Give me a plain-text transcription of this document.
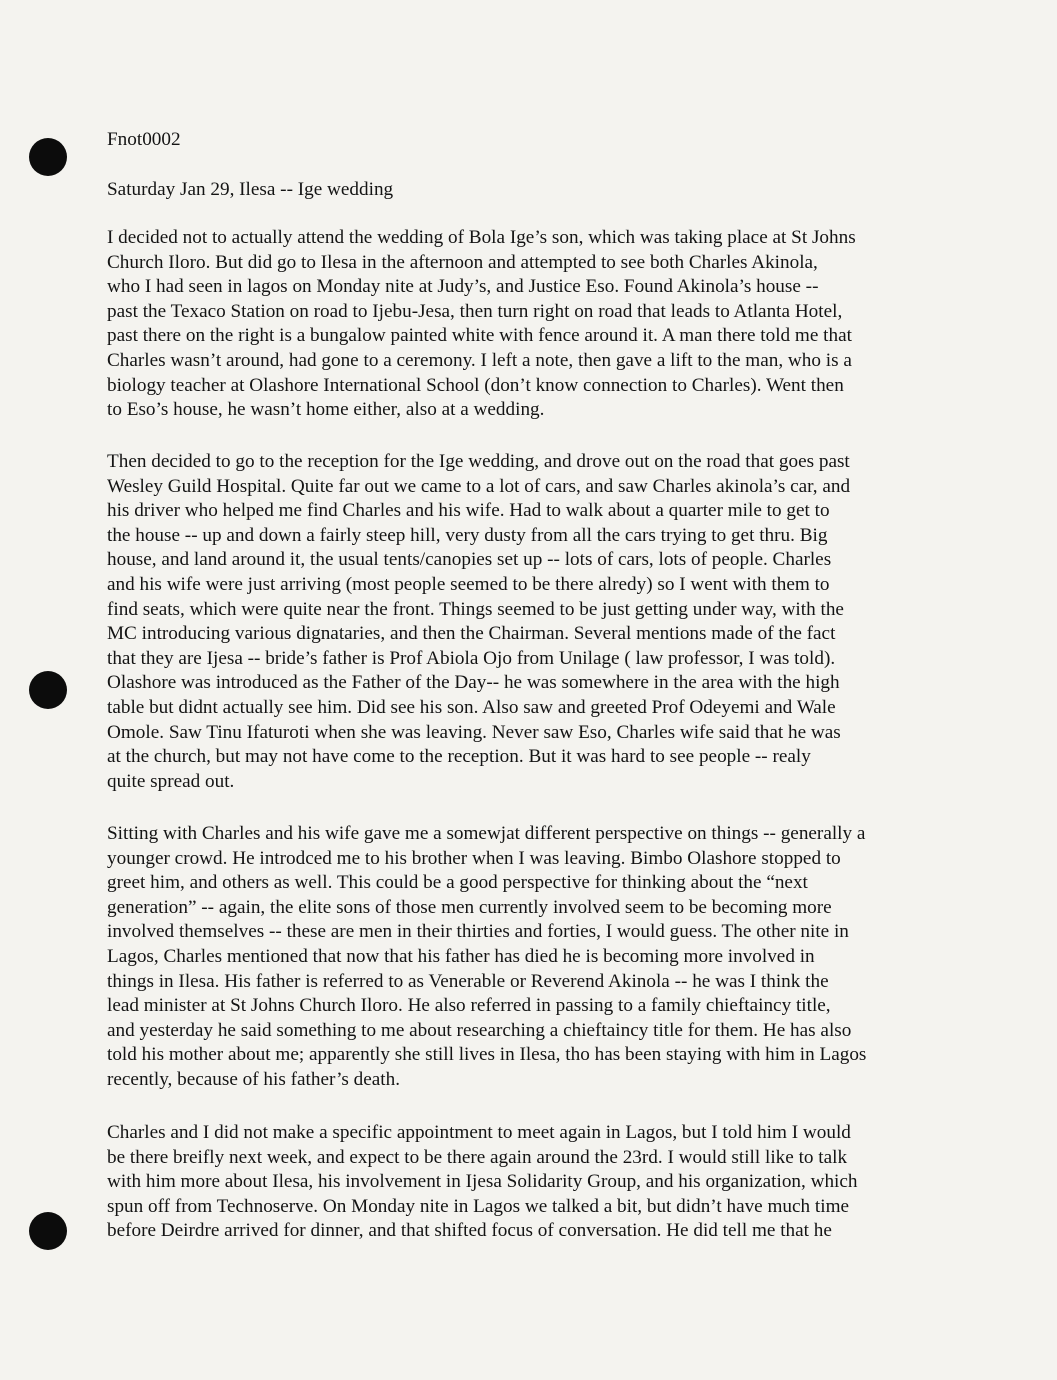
Fnot0002

Saturday Jan 29, Ilesa -- Ige wedding

I decided not to actually attend the wedding of Bola Ige’s son, which was taking place at St Johns
Church Iloro. But did go to Ilesa in the afternoon and attempted to see both Charles Akinola,
who I had seen in lagos on Monday nite at Judy’s, and Justice Eso. Found Akinola’s house --
past the Texaco Station on road to Ijebu-Jesa, then turn right on road that leads to Atlanta Hotel,
past there on the right is a bungalow painted white with fence around it. A man there told me that
Charles wasn’t around, had gone to a ceremony. I left a note, then gave a lift to the man, who is a
biology teacher at Olashore International School (don’t know connection to Charles). Went then
to Eso’s house, he wasn’t home either, also at a wedding.

Then decided to go to the reception for the Ige wedding, and drove out on the road that goes past
Wesley Guild Hospital. Quite far out we came to a lot of cars, and saw Charles akinola’s car, and
his driver who helped me find Charles and his wife. Had to walk about a quarter mile to get to
the house -- up and down a fairly steep hill, very dusty from all the cars trying to get thru. Big
house, and land around it, the usual tents/canopies set up -- lots of cars, lots of people. Charles
and his wife were just arriving (most people seemed to be there alredy) so I went with them to
find seats, which were quite near the front. Things seemed to be just getting under way, with the
MC introducing various dignataries, and then the Chairman. Several mentions made of the fact
that they are Ijesa -- bride’s father is Prof Abiola Ojo from Unilage ( law professor, I was told).
Olashore was introduced as the Father of the Day-- he was somewhere in the area with the high
table but didnt actually see him. Did see his son. Also saw and greeted Prof Odeyemi and Wale
Omole. Saw Tinu Ifaturoti when she was leaving. Never saw Eso, Charles wife said that he was
at the church, but may not have come to the reception. But it was hard to see people -- realy
quite spread out.

Sitting with Charles and his wife gave me a somewjat different perspective on things -- generally a
younger crowd. He introdced me to his brother when I was leaving. Bimbo Olashore stopped to
greet him, and others as well. This could be a good perspective for thinking about the “next
generation” -- again, the elite sons of those men currently involved seem to be becoming more
involved themselves -- these are men in their thirties and forties, I would guess. The other nite in
Lagos, Charles mentioned that now that his father has died he is becoming more involved in
things in Ilesa. His father is referred to as Venerable or Reverend Akinola -- he was I think the
lead minister at St Johns Church Iloro. He also referred in passing to a family chieftaincy title,
and yesterday he said something to me about researching a chieftaincy title for them. He has also
told his mother about me; apparently she still lives in Ilesa, tho has been staying with him in Lagos
recently, because of his father’s death.

Charles and I did not make a specific appointment to meet again in Lagos, but I told him I would
be there breifly next week, and expect to be there again around the 23rd. I would still like to talk
with him more about Ilesa, his involvement in Ijesa Solidarity Group, and his organization, which
spun off from Technoserve. On Monday nite in Lagos we talked a bit, but didn’t have much time
before Deirdre arrived for dinner, and that shifted focus of conversation. He did tell me that he
